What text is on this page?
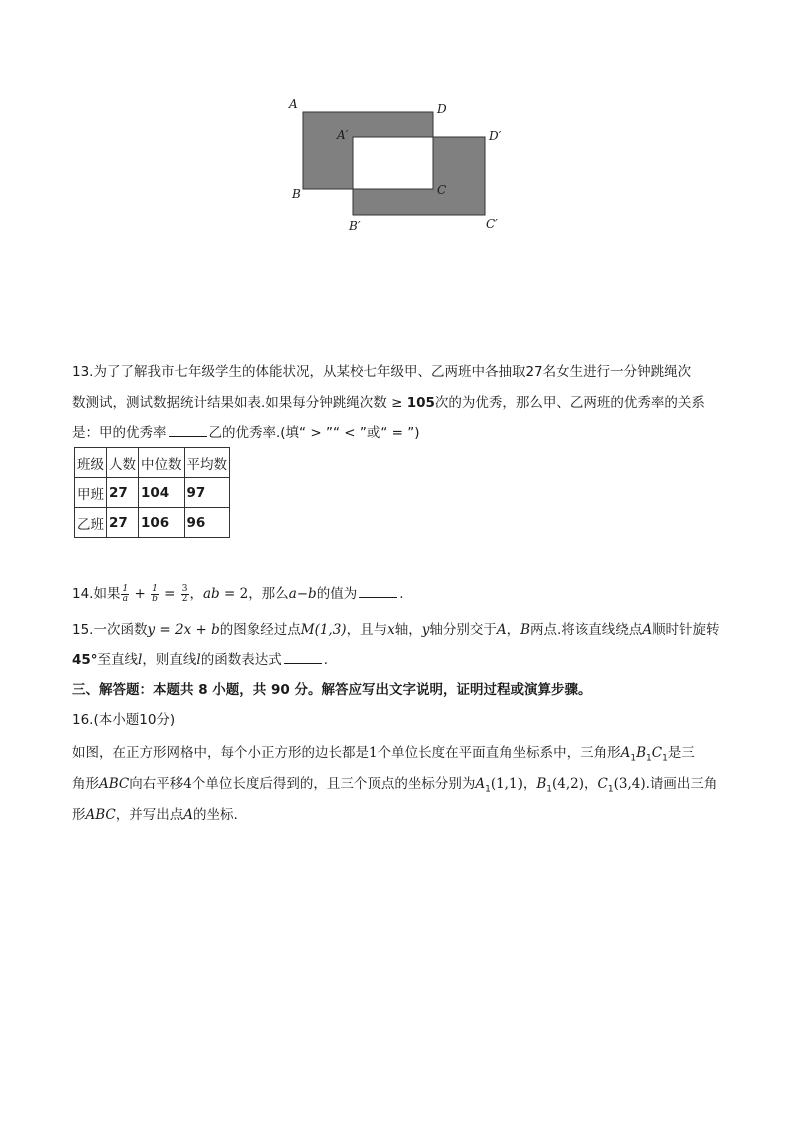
A	D
A′	D′
B	C
B′	C′
13.为了了解我市七年级学生的体能状况，从某校七年级甲、乙两班中各抽取27名女生进行一分钟跳绳次
数测试，测试数据统计结果如表.如果每分钟跳绳次数 ≥ 105次的为优秀，那么甲、乙两班的优秀率的关系
是：甲的优秀率	乙的优秀率.(填“ > ”“ < ”或“ = ”)
班级	人数	中位数	平均数
甲班	27	104	97
乙班	27	106	96
14.如果 $\frac{1}{a} + \frac{1}{b} = \frac{3}{2}$ ，ab = 2，那么a−b的值为	.
15.一次函数y = 2x + b的图象经过点M(1,3)，且与x轴，y轴分别交于A，B两点.将该直线绕点A顺时针旋转
45°至直线l，则直线l的函数表达式	.
三、解答题：本题共 8 小题，共 90 分。解答应写出文字说明，证明过程或演算步骤。
16.(本小题10分)
如图，在正方形网格中，每个小正方形的边长都是1个单位长度在平面直角坐标系中，三角形$A_1B_1C_1$是三
角形ABC向右平移4个单位长度后得到的，且三个顶点的坐标分别为$A_1(1,1)$，$B_1(4,2)$，$C_1(3,4)$.请画出三角
形ABC，并写出点A的坐标.
